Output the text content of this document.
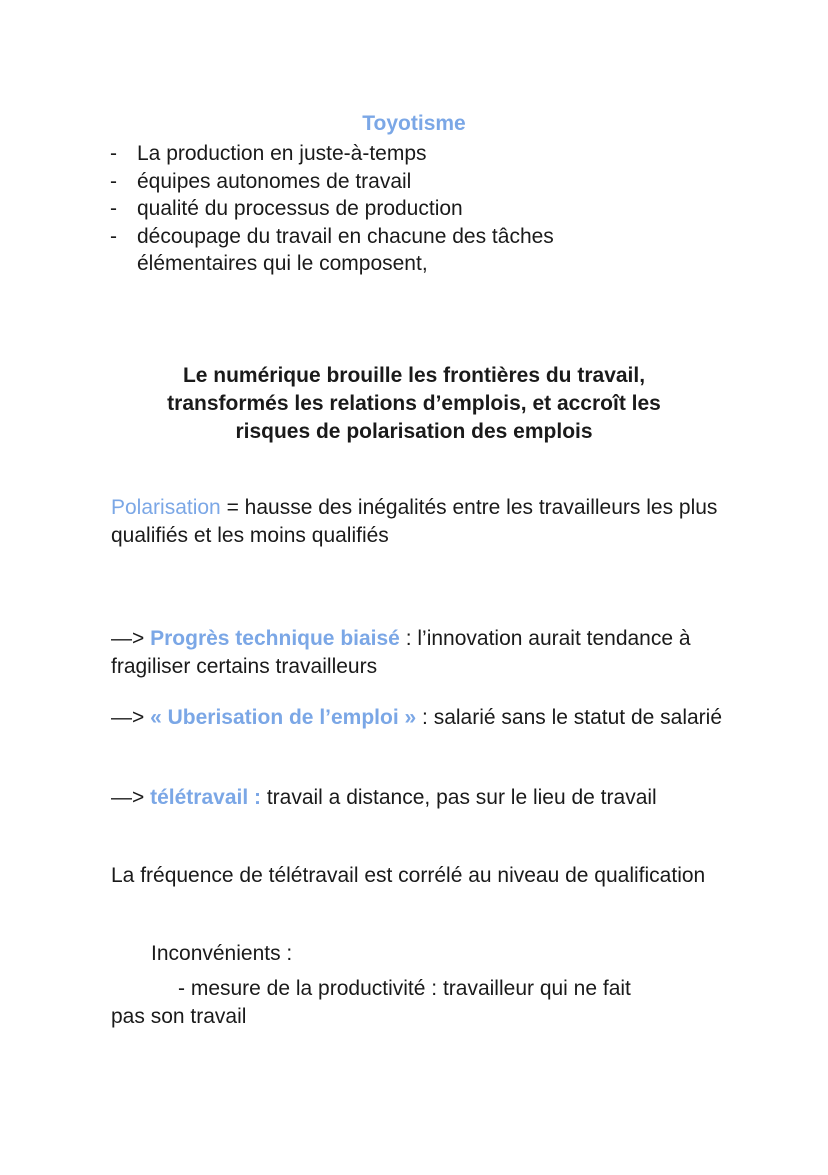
Toyotisme
- La production en juste-à-temps
- équipes autonomes de travail
- qualité du processus de production
- découpage du travail en chacune des tâches élémentaires qui le composent,
Le numérique brouille les frontières du travail,
transformés les relations d’emplois, et accroît les
risques de polarisation des emplois
Polarisation = hausse des inégalités entre les travailleurs les plus qualifiés et les moins qualifiés
—> Progrès technique biaisé : l’innovation aurait tendance à fragiliser certains travailleurs
—> « Uberisation de l’emploi » : salarié sans le statut de salarié
—> télétravail : travail a distance, pas sur le lieu de travail
La fréquence de télétravail est corrélé au niveau de qualification
Inconvénients :
- mesure de la productivité : travailleur qui ne fait
pas son travail
